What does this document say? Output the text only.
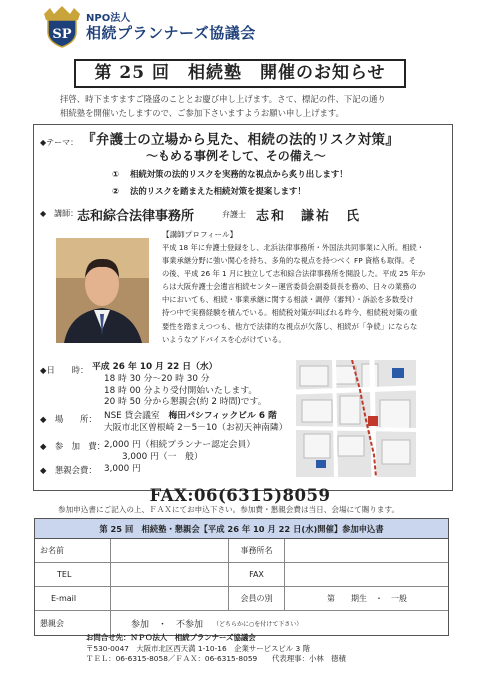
SP
NPO法人
相続プランナーズ協議会
第 25 回　相続塾　開催のお知らせ
拝啓、時下ますますご隆盛のこととお慶び申し上げます。さて、標記の件、下記の通り
相続塾を開催いたしますので、ご参加下さいますようお願い申し上げます。
◆テーマ： 『弁護士の立場から見た、相続の法的リスク対策』
～もめる事例そして、その備え～
① 相続対策の法的リスクを実務的な視点から炙り出します！
② 法的リスクを踏まえた相続対策を提案します！
◆　講師：
志和綜合法律事務所	弁護士 志和　謙祐　氏
【講師プロフィール】
平成 18 年に弁護士登録をし、北浜法律事務所・外国法共同事業に入所。相続・
事業承継分野に強い関心を持ち、多角的な視点を持つべく FP 資格も取得。そ
の後、平成 26 年 1 月に独立して志和綜合法律事務所を開設した。平成 25 年か
らは大阪弁護士会遺言相続センター運営委員会副委員長を務め、日々の業務の
中においても、相続・事業承継に関する相談・調停（審判）・訴訟を多数受け
持つ中で実務経験を積んでいる。相続税対策が叫ばれる昨今、相続税対策の重
要性を踏まえつつも、他方で法律的な視点が欠落し、相続が「争続」にならな
いようなアドバイスを心がけている。
◆日　　時： 平成 26 年 10 月 22 日（水）
18 時 30 分～20 時 30 分
18 時 00 分より受付開始いたします。
20 時 50 分から懇親会(約 2 時間)です。
◆　場　　所： NSE 貸会議室　梅田パシフィックビル 6 階
大阪市北区曽根崎 2－5－10（お初天神南隣）
◆　参　加　費：
2,000 円（相続プランナー認定会員）
3,000 円（一　般）
◆　懇親会費： 3,000 円
FAX:06(6315)8059
参加申込書にご記入の上、ＦＡＸにてお申込下さい。参加費・懇親会費は当日、会場にて賜ります。
第 25 回　相続塾・懇親会【平成 26 年 10 月 22 日(水)開催】参加申込書
お名前	事務所名
TEL	FAX
E-mail	会員の別	第　　期生　・　一般
懇親会	参加　・　不参加 （どちらかに○を付けて下さい）
お問合せ先：ＮＰＯ法人　相続プランナーズ協議会
〒530-0047　大阪市北区西天満 1-10-16　企業サービスビル 3 階
ＴＥＬ：06-6315-8058／ＦＡＸ：06-6315-8059　　代表理事：小林　徳積
